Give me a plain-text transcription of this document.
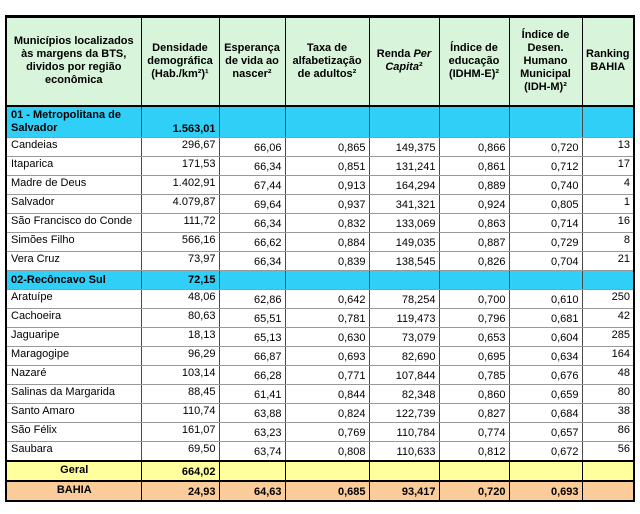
Municípios localizados às margens da BTS, dividos por região econômica	Densidade demográfica (Hab./km²)¹	Esperança de vida ao nascer²	Taxa de alfabetização de adultos²	Renda Per Capita²	Índice de educação (IDHM-E)²	Índice de Desen. Humano Municipal (IDH-M)²	Ranking BAHIA
01 - Metropolitana de Salvador	1.563,01						
Candeias	296,67	66,06	0,865	149,375	0,866	0,720	13
Itaparica	171,53	66,34	0,851	131,241	0,861	0,712	17
Madre de Deus	1.402,91	67,44	0,913	164,294	0,889	0,740	4
Salvador	4.079,87	69,64	0,937	341,321	0,924	0,805	1
São Francisco do Conde	111,72	66,34	0,832	133,069	0,863	0,714	16
Simões Filho	566,16	66,62	0,884	149,035	0,887	0,729	8
Vera Cruz	73,97	66,34	0,839	138,545	0,826	0,704	21
02-Recôncavo Sul	72,15						
Aratuípe	48,06	62,86	0,642	78,254	0,700	0,610	250
Cachoeira	80,63	65,51	0,781	119,473	0,796	0,681	42
Jaguaripe	18,13	65,13	0,630	73,079	0,653	0,604	285
Maragogipe	96,29	66,87	0,693	82,690	0,695	0,634	164
Nazaré	103,14	66,28	0,771	107,844	0,785	0,676	48
Salinas da Margarida	88,45	61,41	0,844	82,348	0,860	0,659	80
Santo Amaro	110,74	63,88	0,824	122,739	0,827	0,684	38
São Félix	161,07	63,23	0,769	110,784	0,774	0,657	86
Saubara	69,50	63,74	0,808	110,633	0,812	0,672	56
Geral	664,02						
BAHIA	24,93	64,63	0,685	93,417	0,720	0,693	
